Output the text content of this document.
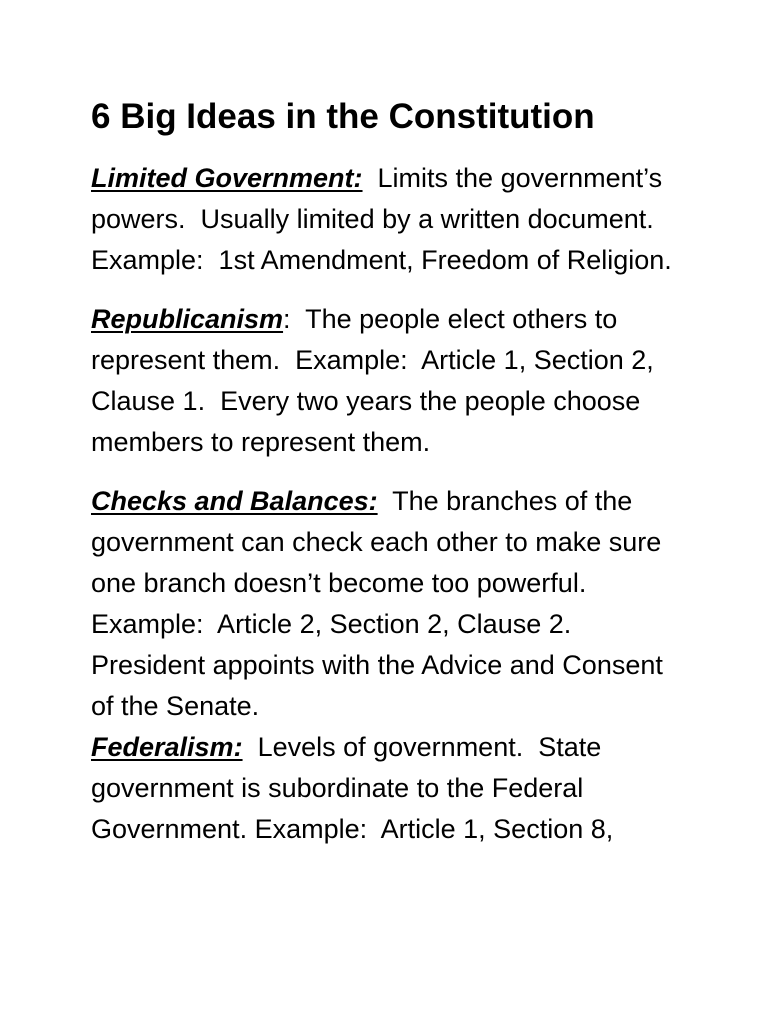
6 Big Ideas in the Constitution

Limited Government:  Limits the government’s powers.  Usually limited by a written document. Example:  1st Amendment, Freedom of Religion.

Republicanism:  The people elect others to represent them.  Example:  Article 1, Section 2, Clause 1.  Every two years the people choose members to represent them.

Checks and Balances:  The branches of the government can check each other to make sure one branch doesn’t become too powerful.  Example:  Article 2, Section 2, Clause 2.  President appoints with the Advice and Consent of the Senate.

Federalism:  Levels of government.  State government is subordinate to the Federal Government. Example:  Article 1, Section 8,
